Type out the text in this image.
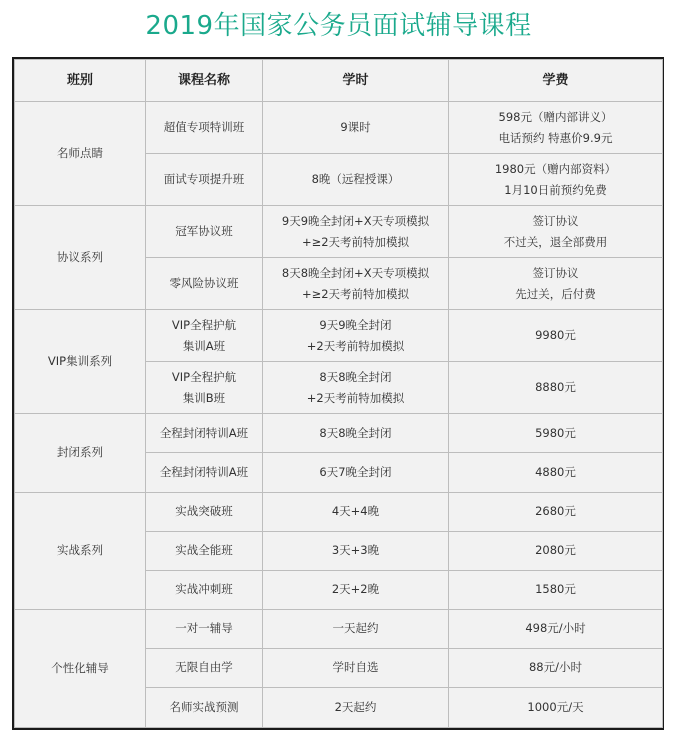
2019年国家公务员面试辅导课程
班别	课程名称	学时	学费
名师点睛	超值专项特训班	9课时	598元（赠内部讲义）
电话预约 特惠价9.9元

	面试专项提升班	8晚（远程授课）	1980元（赠内部资料）
1月10日前预约免费

协议系列	冠军协议班	9天9晚全封闭+X天专项模拟
+≥2天考前特加模拟	签订协议
不过关，退全部费用

	零风险协议班	8天8晚全封闭+X天专项模拟
+≥2天考前特加模拟	签订协议
先过关，后付费

VIP集训系列	VIP全程护航
集训A班	9天9晚全封闭
+2天考前特加模拟	9980元

	VIP全程护航
集训B班	8天8晚全封闭
+2天考前特加模拟	8880元

封闭系列	全程封闭特训A班	8天8晚全封闭	5980元

	全程封闭特训A班	6天7晚全封闭	4880元

实战系列	实战突破班	4天+4晚	2680元

	实战全能班	3天+3晚	2080元

	实战冲刺班	2天+2晚	1580元

个性化辅导	一对一辅导	一天起约	498元/小时

	无限自由学	学时自选	88元/小时

	名师实战预测	2天起约	1000元/天
